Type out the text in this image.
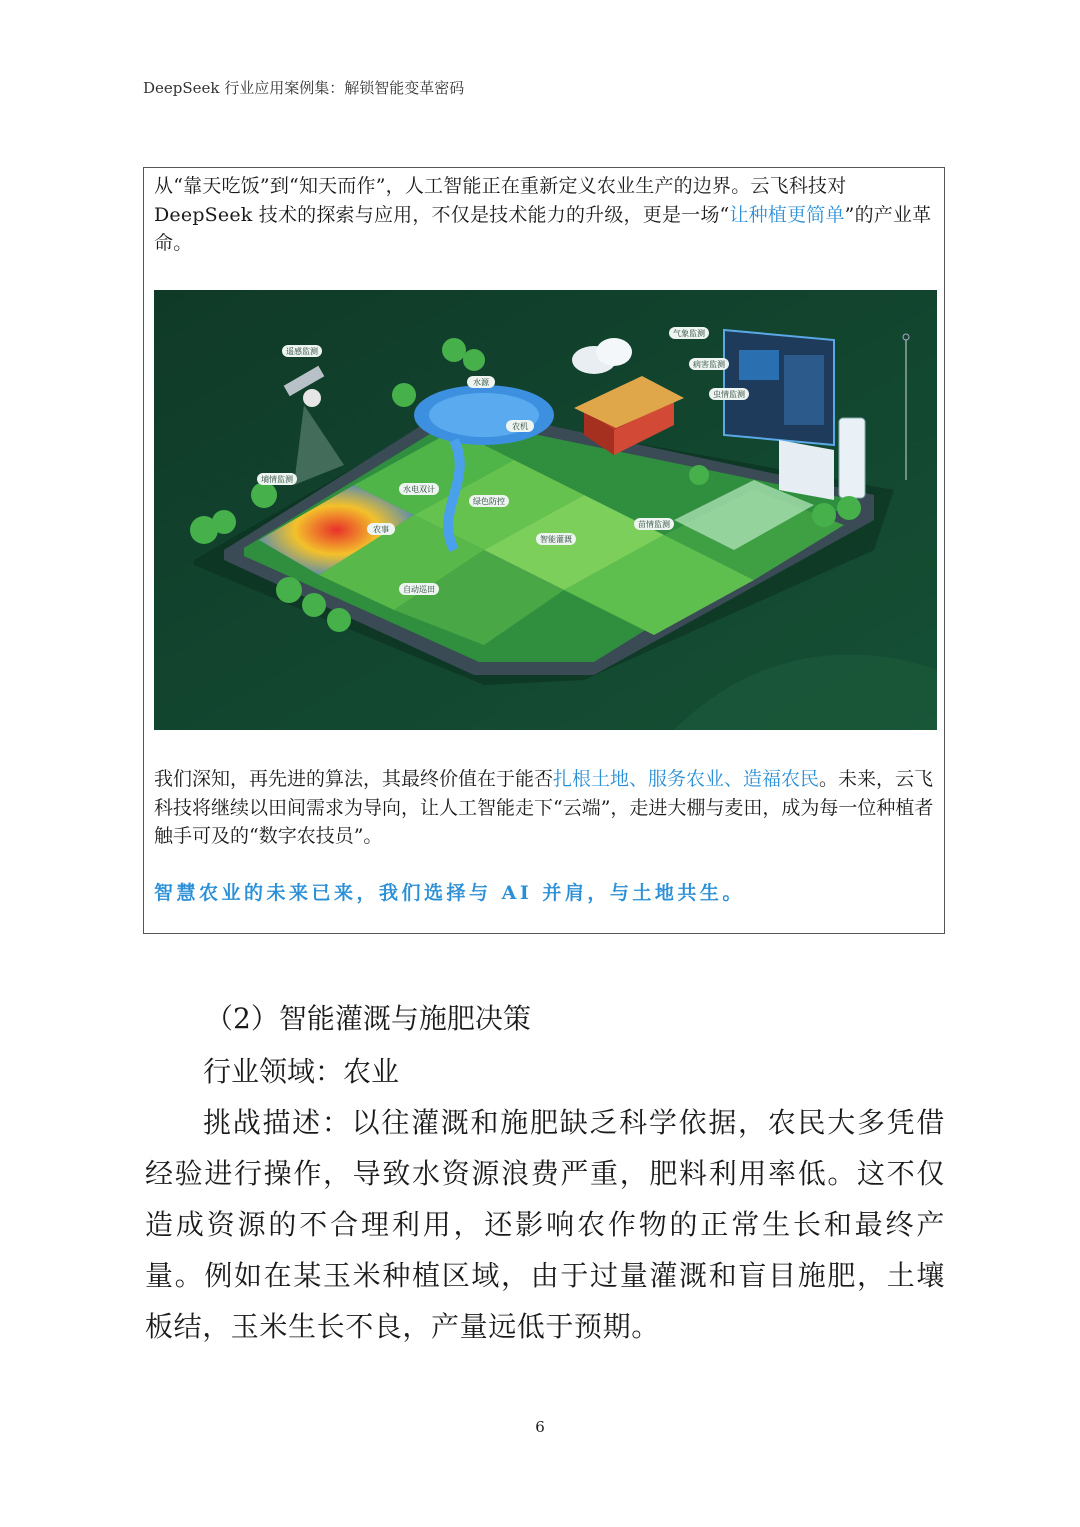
DeepSeek 行业应用案例集：解锁智能变革密码

从“靠天吃饭”到“知天而作”，人工智能正在重新定义农业生产的边界。云飞科技对 DeepSeek 技术的探索与应用，不仅是技术能力的升级，更是一场“让种植更简单”的产业革命。

遥感监测
水源
农机
气象监测
病害监测
虫情监测
墒情监测
水电双计
绿色防控
智能灌溉
苗情监测
农事
自动巡田

我们深知，再先进的算法，其最终价值在于能否扎根土地、服务农业、造福农民。未来，云飞科技将继续以田间需求为导向，让人工智能走下“云端”，走进大棚与麦田，成为每一位种植者触手可及的“数字农技员”。

智慧农业的未来已来，我们选择与 AI 并肩，与土地共生。

（2）智能灌溉与施肥决策

行业领域：农业

挑战描述：以往灌溉和施肥缺乏科学依据，农民大多凭借经验进行操作，导致水资源浪费严重，肥料利用率低。这不仅造成资源的不合理利用，还影响农作物的正常生长和最终产量。例如在某玉米种植区域，由于过量灌溉和盲目施肥，土壤板结，玉米生长不良，产量远低于预期。

6
